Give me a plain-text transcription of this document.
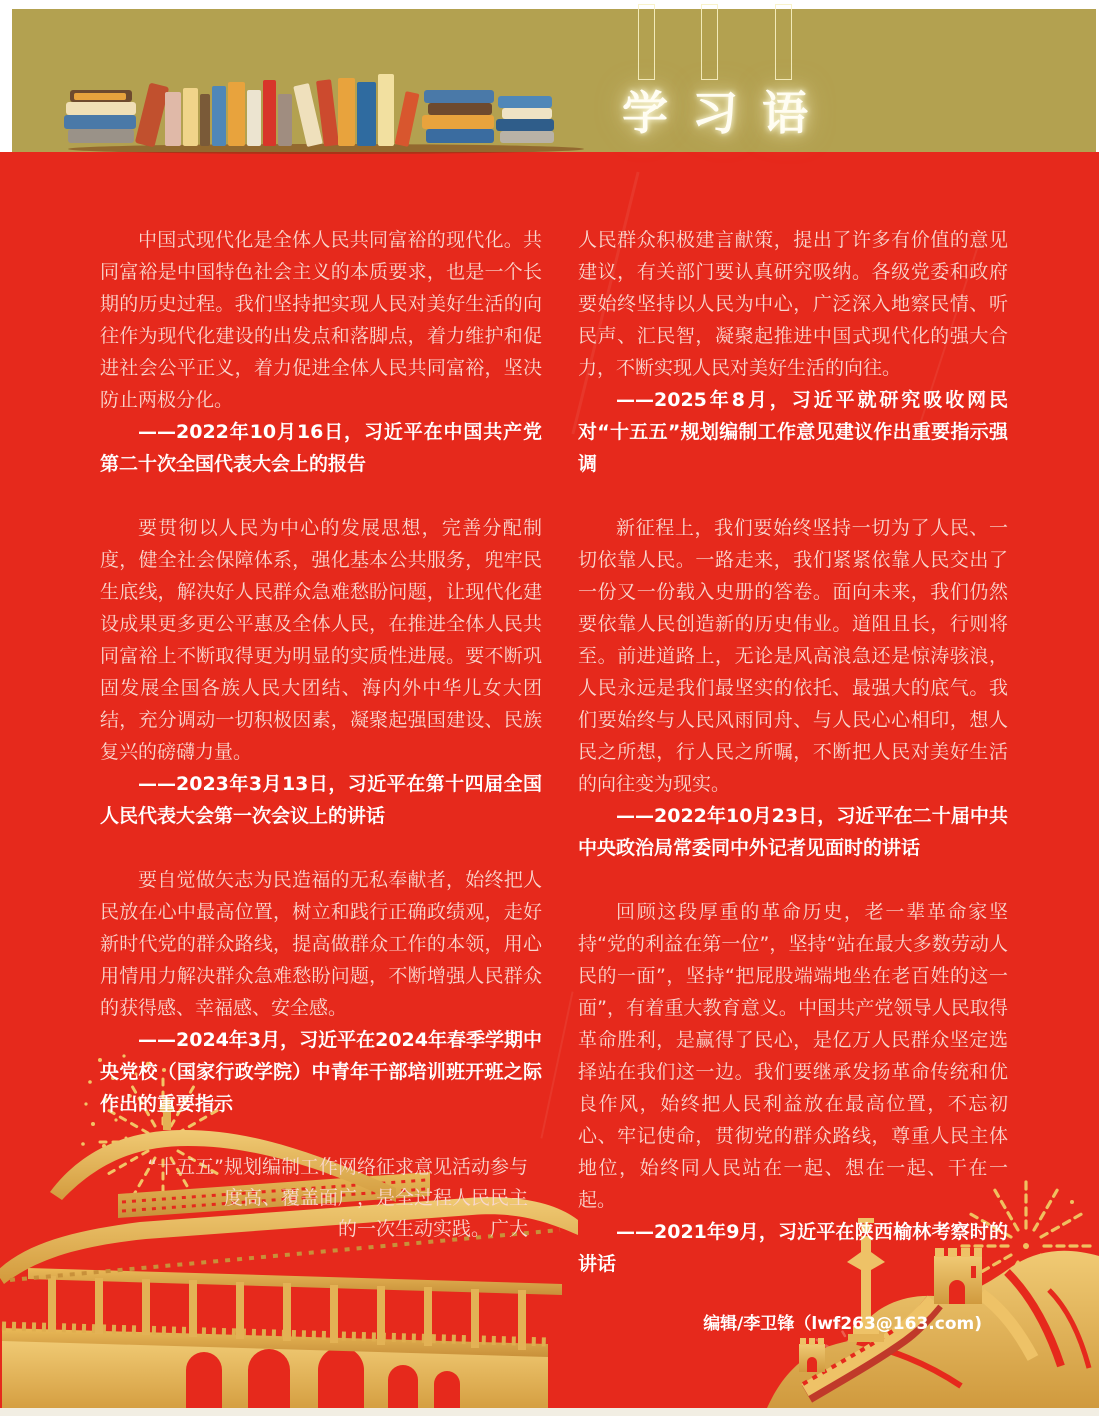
学习语

中国式现代化是全体人民共同富裕的现代化。共同富裕是中国特色社会主义的本质要求，也是一个长期的历史过程。我们坚持把实现人民对美好生活的向往作为现代化建设的出发点和落脚点，着力维护和促进社会公平正义，着力促进全体人民共同富裕，坚决防止两极分化。

——2022年10月16日，习近平在中国共产党第二十次全国代表大会上的报告

要贯彻以人民为中心的发展思想，完善分配制度，健全社会保障体系，强化基本公共服务，兜牢民生底线，解决好人民群众急难愁盼问题，让现代化建设成果更多更公平惠及全体人民，在推进全体人民共同富裕上不断取得更为明显的实质性进展。要不断巩固发展全国各族人民大团结、海内外中华儿女大团结，充分调动一切积极因素，凝聚起强国建设、民族复兴的磅礴力量。

——2023年3月13日，习近平在第十四届全国人民代表大会第一次会议上的讲话

要自觉做矢志为民造福的无私奉献者，始终把人民放在心中最高位置，树立和践行正确政绩观，走好新时代党的群众路线，提高做群众工作的本领，用心用情用力解决群众急难愁盼问题，不断增强人民群众的获得感、幸福感、安全感。

——2024年3月，习近平在2024年春季学期中央党校（国家行政学院）中青年干部培训班开班之际作出的重要指示

“十五五”规划编制工作网络征求意见活动参与

度高、覆盖面广，是全过程人民民主

的一次生动实践。广大

人民群众积极建言献策，提出了许多有价值的意见建议，有关部门要认真研究吸纳。各级党委和政府要始终坚持以人民为中心，广泛深入地察民情、听民声、汇民智，凝聚起推进中国式现代化的强大合力，不断实现人民对美好生活的向往。

——2025年8月，习近平就研究吸收网民对“十五五”规划编制工作意见建议作出重要指示强调

新征程上，我们要始终坚持一切为了人民、一切依靠人民。一路走来，我们紧紧依靠人民交出了一份又一份载入史册的答卷。面向未来，我们仍然要依靠人民创造新的历史伟业。道阻且长，行则将至。前进道路上，无论是风高浪急还是惊涛骇浪，人民永远是我们最坚实的依托、最强大的底气。我们要始终与人民风雨同舟、与人民心心相印，想人民之所想，行人民之所嘱，不断把人民对美好生活的向往变为现实。

——2022年10月23日，习近平在二十届中共中央政治局常委同中外记者见面时的讲话

回顾这段厚重的革命历史，老一辈革命家坚持“党的利益在第一位”，坚持“站在最大多数劳动人民的一面”，坚持“把屁股端端地坐在老百姓的这一面”，有着重大教育意义。中国共产党领导人民取得革命胜利，是赢得了民心，是亿万人民群众坚定选择站在我们这一边。我们要继承发扬革命传统和优良作风，始终把人民利益放在最高位置，不忘初心、牢记使命，贯彻党的群众路线，尊重人民主体地位，始终同人民站在一起、想在一起、干在一起。

——2021年9月，习近平在陕西榆林考察时的讲话

编辑/李卫锋（lwf263@163.com)
